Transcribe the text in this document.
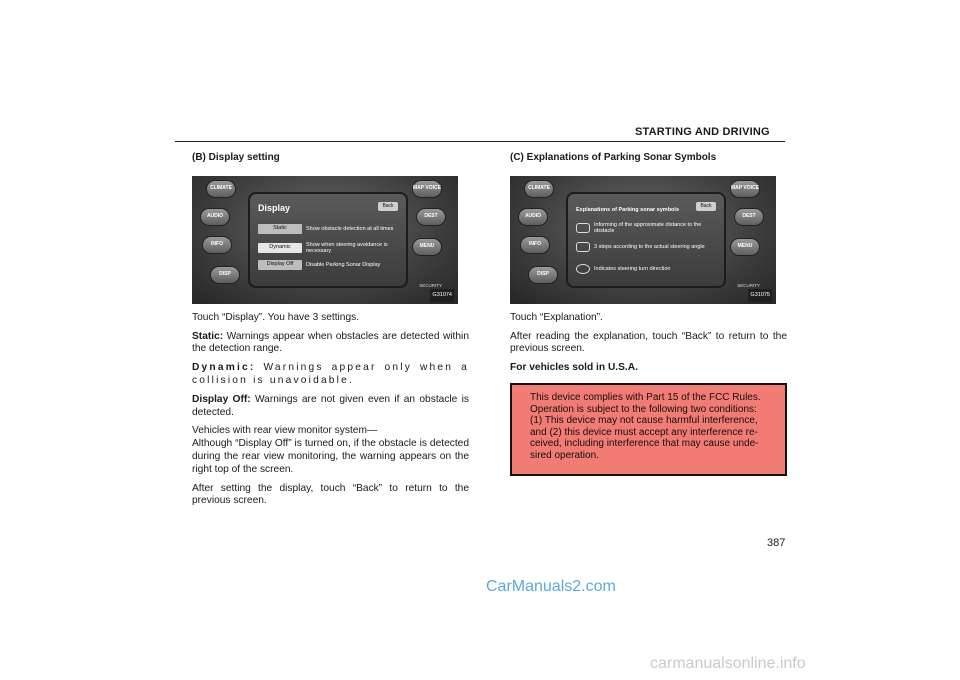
STARTING AND DRIVING
(B) Display setting
CLIMATE
AUDIO
INFO
DISP
MAP VOICE
DEST
MENU
SECURITY
Display	Back
Static	Show obstacle detection at all times
Dynamic	Show when steering avoidance is necessary
Display Off	Disable Parking Sonar Display
G31074

Touch “Display”. You have 3 settings.

Static: Warnings appear when obstacles are detected within the detection range.

Dynamic: Warnings appear only when a collision is unavoidable.

Display Off: Warnings are not given even if an obstacle is detected.

Vehicles with rear view monitor system—
Although “Display Off” is turned on, if the obstacle is detected during the rear view monitoring, the warning appears on the right top of the screen.

After setting the display, touch “Back” to return to the previous screen.

(C) Explanations of Parking Sonar Symbols
CLIMATE
AUDIO
INFO
DISP
MAP VOICE
DEST
MENU
SECURITY
Explanations of Parking sonar symbols
Back
Informing of the approximate distance to the obstacle
3 steps according to the actual steering angle
Indicates steering turn direction
G31075

Touch “Explanation”.

After reading the explanation, touch “Back” to return to the previous screen.

For vehicles sold in U.S.A.
This device complies with Part 15 of the FCC Rules.
Operation is subject to the following two conditions:
(1) This device may not cause harmful interference,
and (2) this device must accept any interference re-
ceived, including interference that may cause unde-
sired operation.
387
CarManuals2.com
carmanualsonline.info
